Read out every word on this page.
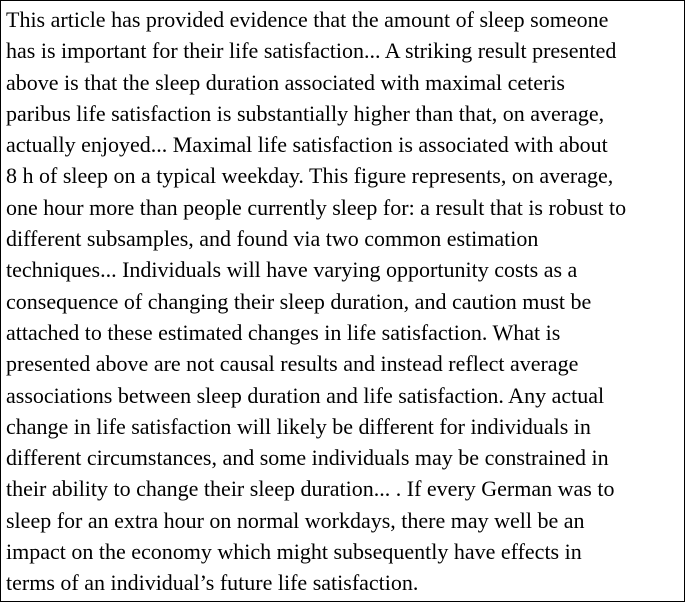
This article has provided evidence that the amount of sleep someone
has is important for their life satisfaction... A striking result presented
above is that the sleep duration associated with maximal ceteris
paribus life satisfaction is substantially higher than that, on average,
actually enjoyed... Maximal life satisfaction is associated with about
8 h of sleep on a typical weekday. This figure represents, on average,
one hour more than people currently sleep for: a result that is robust to
different subsamples, and found via two common estimation
techniques... Individuals will have varying opportunity costs as a
consequence of changing their sleep duration, and caution must be
attached to these estimated changes in life satisfaction. What is
presented above are not causal results and instead reflect average
associations between sleep duration and life satisfaction. Any actual
change in life satisfaction will likely be different for individuals in
different circumstances, and some individuals may be constrained in
their ability to change their sleep duration... . If every German was to
sleep for an extra hour on normal workdays, there may well be an
impact on the economy which might subsequently have effects in
terms of an individual’s future life satisfaction.
